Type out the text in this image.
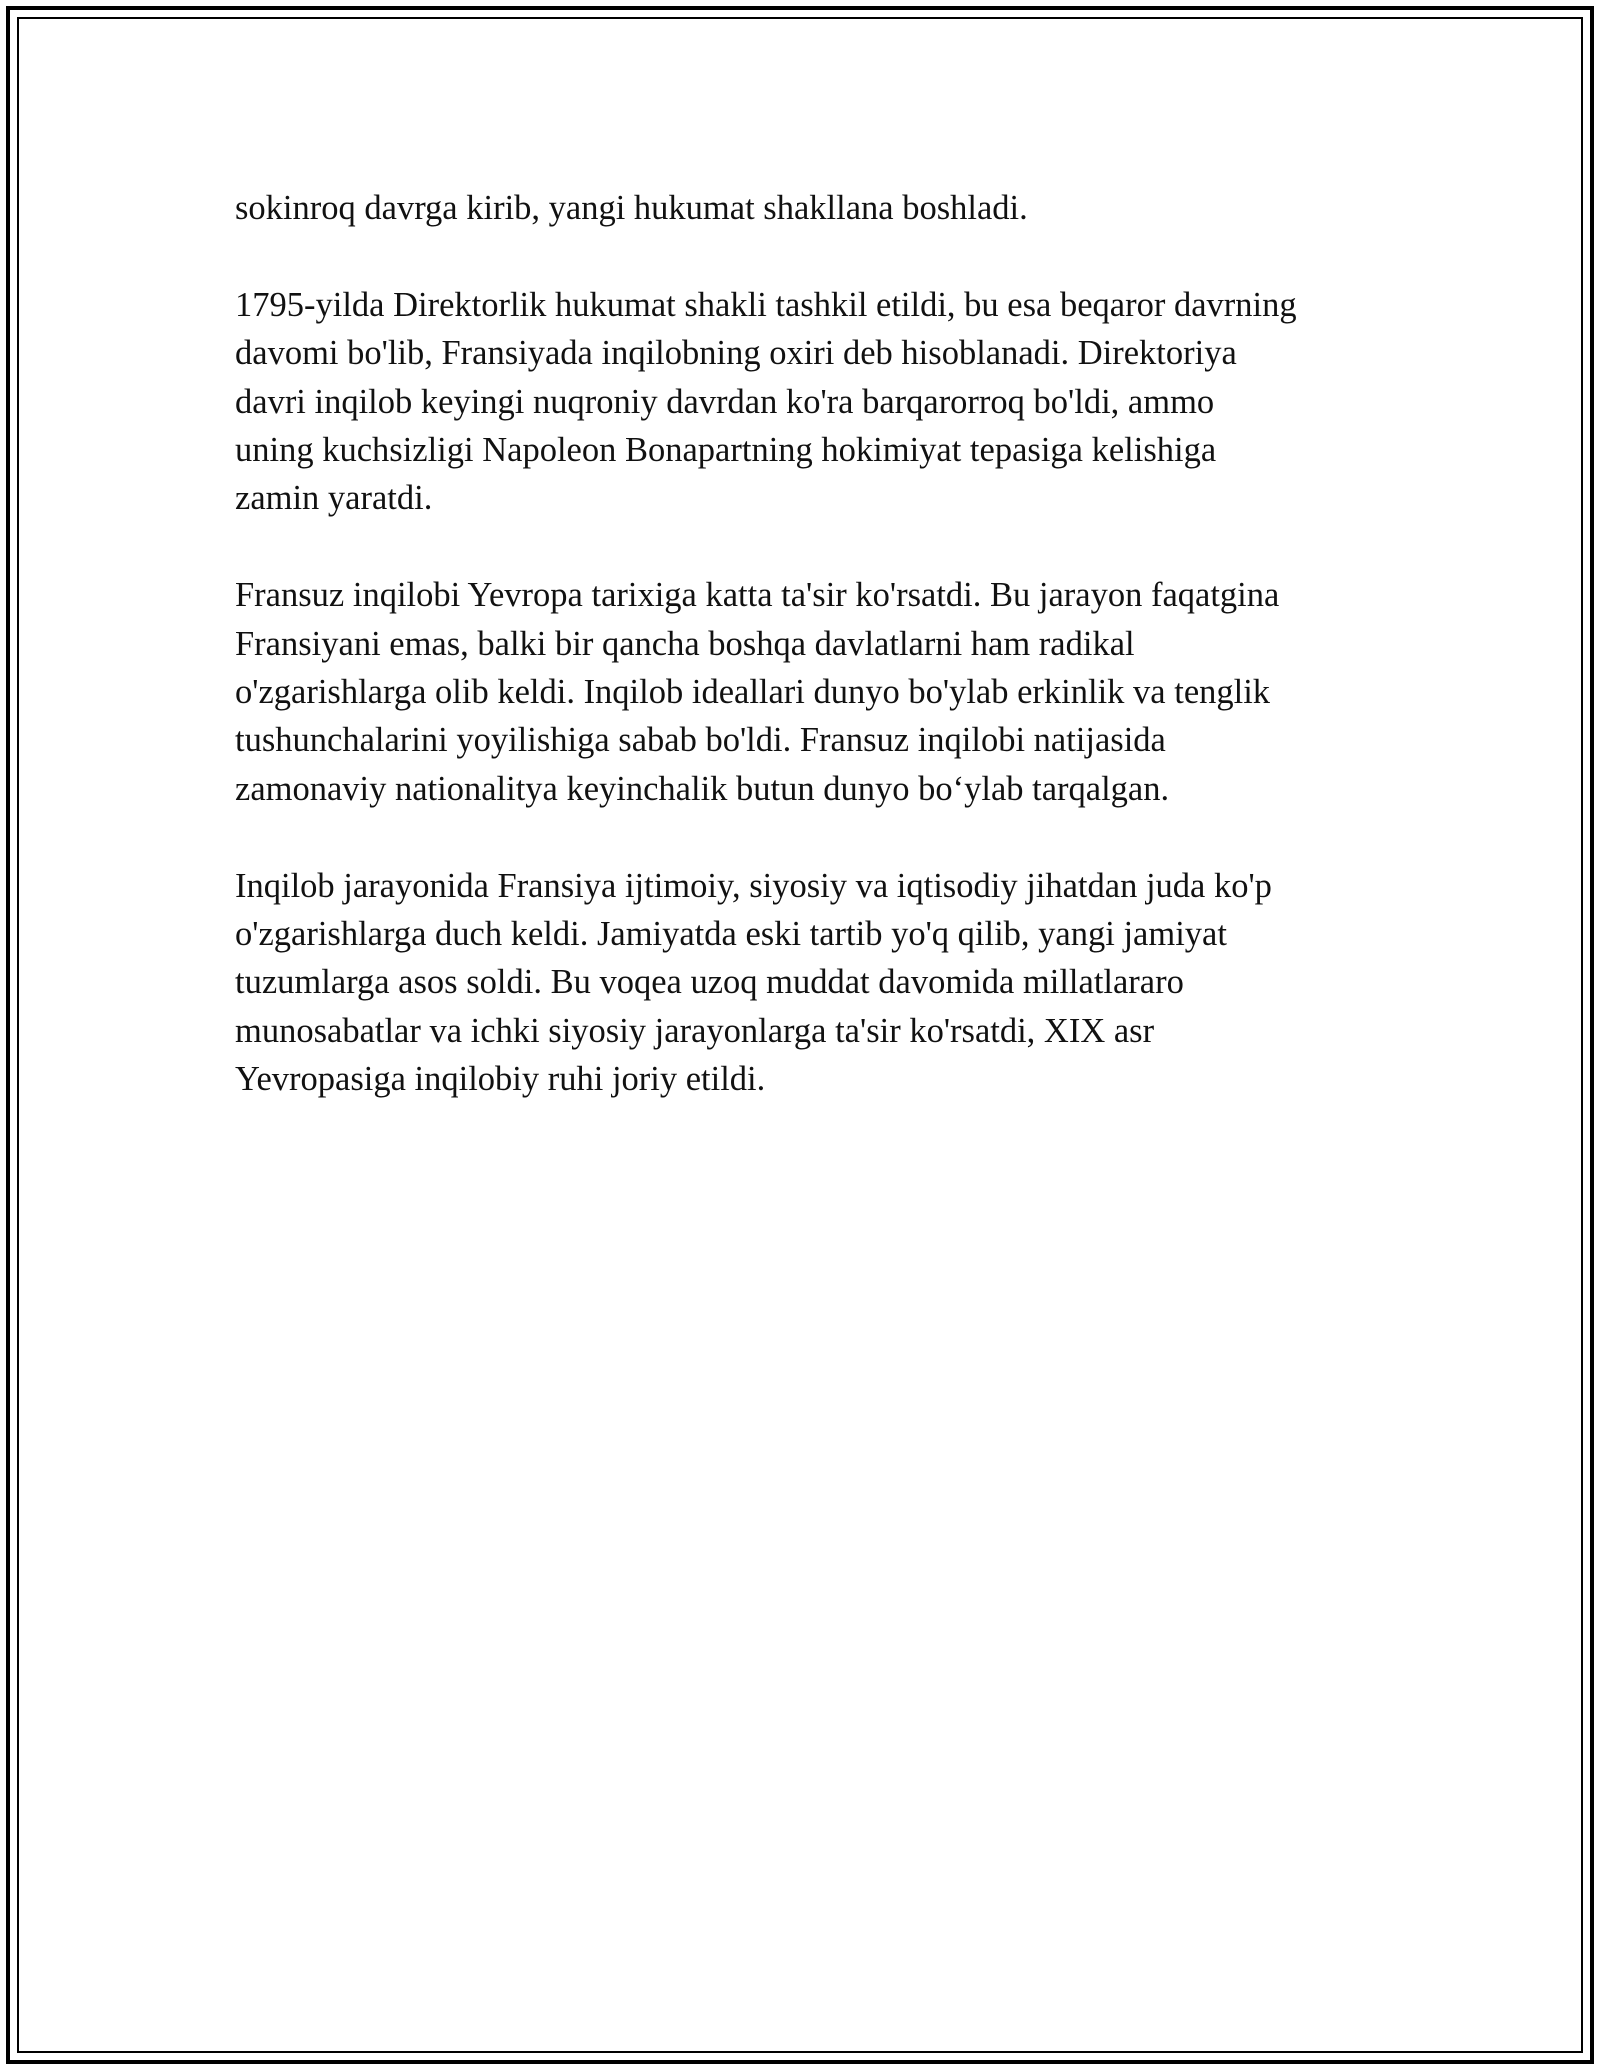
sokinroq davrga kirib, yangi hukumat shakllana boshladi.

1795-yilda Direktorlik hukumat shakli tashkil etildi, bu esa beqaror davrning
davomi bo'lib, Fransiyada inqilobning oxiri deb hisoblanadi. Direktoriya
davri inqilob keyingi nuqroniy davrdan ko'ra barqarorroq bo'ldi, ammo
uning kuchsizligi Napoleon Bonapartning hokimiyat tepasiga kelishiga
zamin yaratdi.

Fransuz inqilobi Yevropa tarixiga katta ta'sir ko'rsatdi. Bu jarayon faqatgina
Fransiyani emas, balki bir qancha boshqa davlatlarni ham radikal
o'zgarishlarga olib keldi. Inqilob ideallari dunyo bo'ylab erkinlik va tenglik
tushunchalarini yoyilishiga sabab bo'ldi. Fransuz inqilobi natijasida
zamonaviy nationalitya keyinchalik butun dunyo bo‘ylab tarqalgan.

Inqilob jarayonida Fransiya ijtimoiy, siyosiy va iqtisodiy jihatdan juda ko'p
o'zgarishlarga duch keldi. Jamiyatda eski tartib yo'q qilib, yangi jamiyat
tuzumlarga asos soldi. Bu voqea uzoq muddat davomida millatlararo
munosabatlar va ichki siyosiy jarayonlarga ta'sir ko'rsatdi, XIX asr
Yevropasiga inqilobiy ruhi joriy etildi.
